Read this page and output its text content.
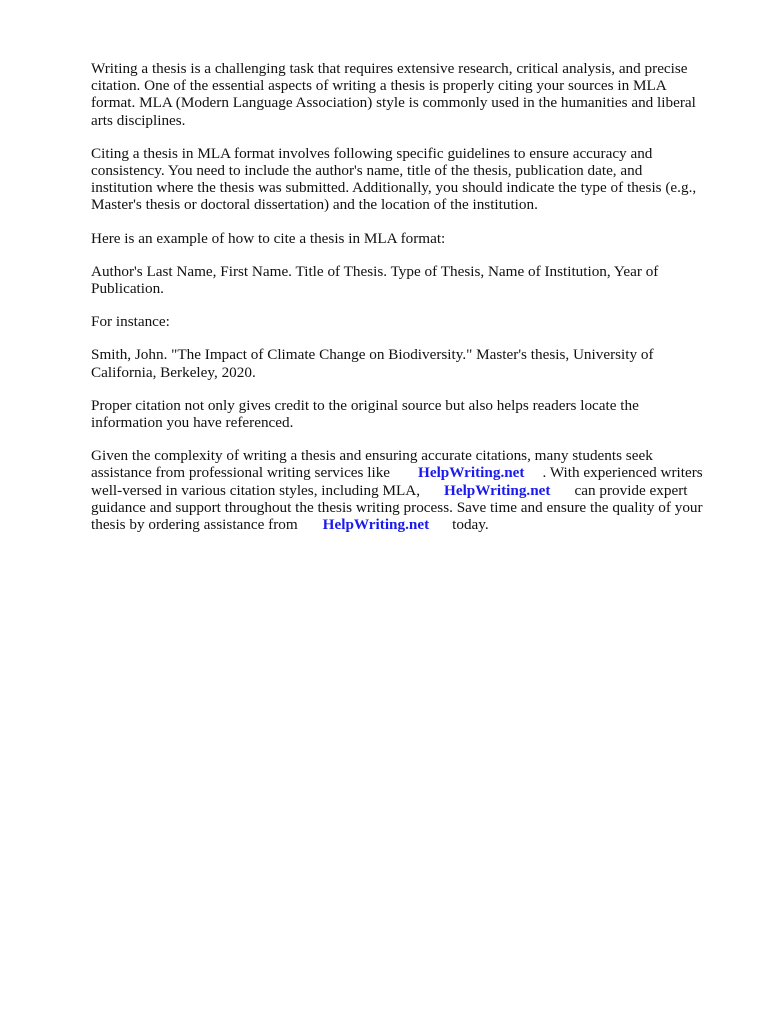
Writing a thesis is a challenging task that requires extensive research, critical analysis, and precise
citation. One of the essential aspects of writing a thesis is properly citing your sources in MLA
format. MLA (Modern Language Association) style is commonly used in the humanities and liberal
arts disciplines.

Citing a thesis in MLA format involves following specific guidelines to ensure accuracy and
consistency. You need to include the author's name, title of the thesis, publication date, and
institution where the thesis was submitted. Additionally, you should indicate the type of thesis (e.g.,
Master's thesis or doctoral dissertation) and the location of the institution.

Here is an example of how to cite a thesis in MLA format:

Author's Last Name, First Name. Title of Thesis. Type of Thesis, Name of Institution, Year of
Publication.

For instance:

Smith, John. "The Impact of Climate Change on Biodiversity." Master's thesis, University of
California, Berkeley, 2020.

Proper citation not only gives credit to the original source but also helps readers locate the
information you have referenced.

Given the complexity of writing a thesis and ensuring accurate citations, many students seek
assistance from professional writing services like HelpWriting.net . With experienced writers
well-versed in various citation styles, including MLA, HelpWriting.net can provide expert
guidance and support throughout the thesis writing process. Save time and ensure the quality of your
thesis by ordering assistance from HelpWriting.net today.
